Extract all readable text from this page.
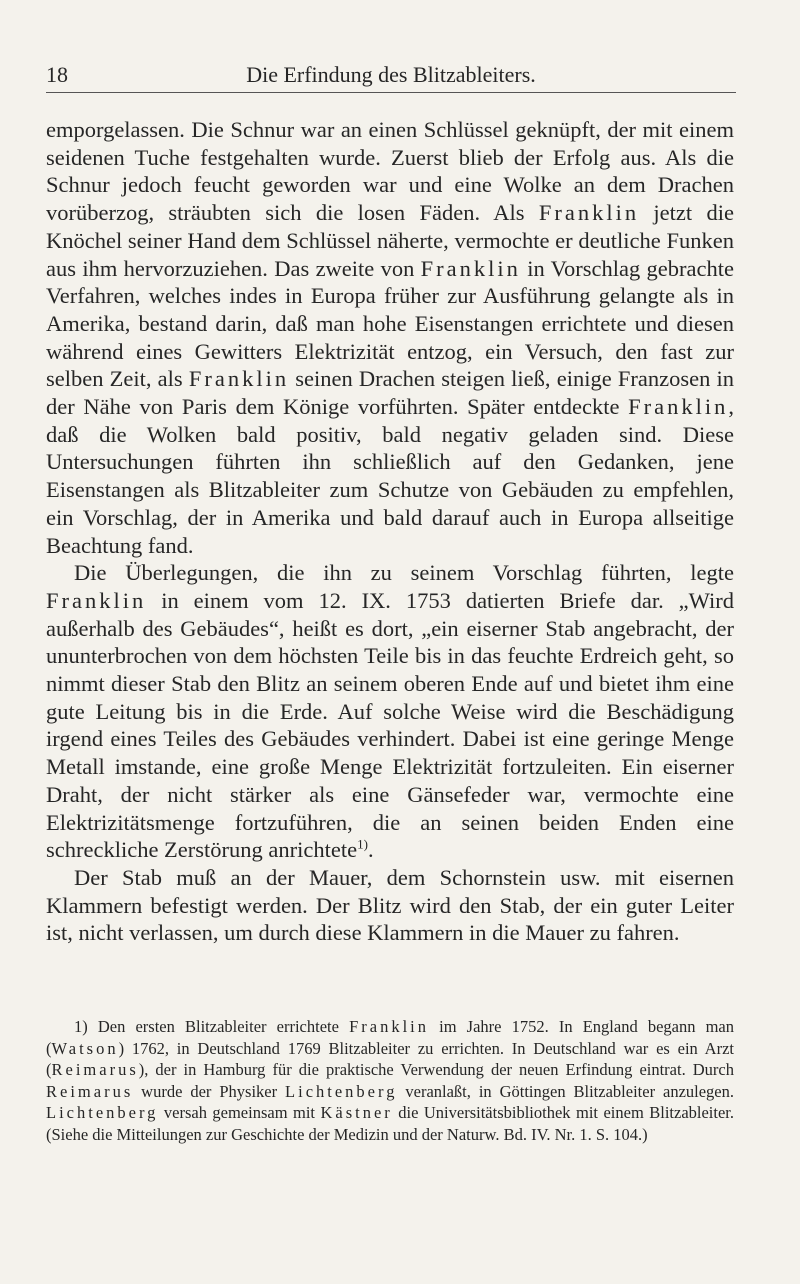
18	Die Erfindung des Blitzableiters.

emporgelassen. Die Schnur war an einen Schlüssel geknüpft, der mit einem seidenen Tuche festgehalten wurde. Zuerst blieb der Erfolg aus. Als die Schnur jedoch feucht geworden war und eine Wolke an dem Drachen vorüberzog, sträubten sich die losen Fäden. Als Franklin jetzt die Knöchel seiner Hand dem Schlüssel näherte, vermochte er deutliche Funken aus ihm hervorzuziehen. Das zweite von Franklin in Vorschlag gebrachte Verfahren, welches indes in Europa früher zur Ausführung gelangte als in Amerika, bestand darin, daß man hohe Eisenstangen errichtete und diesen während eines Gewitters Elektrizität entzog, ein Versuch, den fast zur selben Zeit, als Franklin seinen Drachen steigen ließ, einige Franzosen in der Nähe von Paris dem Könige vorführten. Später entdeckte Franklin, daß die Wolken bald positiv, bald negativ geladen sind. Diese Untersuchungen führten ihn schließlich auf den Gedanken, jene Eisenstangen als Blitzableiter zum Schutze von Gebäuden zu empfehlen, ein Vorschlag, der in Amerika und bald darauf auch in Europa allseitige Beachtung fand.

Die Überlegungen, die ihn zu seinem Vorschlag führten, legte Franklin in einem vom 12. IX. 1753 datierten Briefe dar. „Wird außerhalb des Gebäudes“, heißt es dort, „ein eiserner Stab angebracht, der ununterbrochen von dem höchsten Teile bis in das feuchte Erdreich geht, so nimmt dieser Stab den Blitz an seinem oberen Ende auf und bietet ihm eine gute Leitung bis in die Erde. Auf solche Weise wird die Beschädigung irgend eines Teiles des Gebäudes verhindert. Dabei ist eine geringe Menge Metall imstande, eine große Menge Elektrizität fortzuleiten. Ein eiserner Draht, der nicht stärker als eine Gänsefeder war, vermochte eine Elektrizitätsmenge fortzuführen, die an seinen beiden Enden eine schreckliche Zerstörung anrichtete$^{1)}$.

Der Stab muß an der Mauer, dem Schornstein usw. mit eisernen Klammern befestigt werden. Der Blitz wird den Stab, der ein guter Leiter ist, nicht verlassen, um durch diese Klammern in die Mauer zu fahren.

1) Den ersten Blitzableiter errichtete Franklin im Jahre 1752. In England begann man (Watson) 1762, in Deutschland 1769 Blitzableiter zu errichten. In Deutschland war es ein Arzt (Reimarus), der in Hamburg für die praktische Verwendung der neuen Erfindung eintrat. Durch Reimarus wurde der Physiker Lichtenberg veranlaßt, in Göttingen Blitzableiter anzulegen. Lichtenberg versah gemeinsam mit Kästner die Universitätsbibliothek mit einem Blitzableiter. (Siehe die Mitteilungen zur Geschichte der Medizin und der Naturw. Bd. IV. Nr. 1. S. 104.)
